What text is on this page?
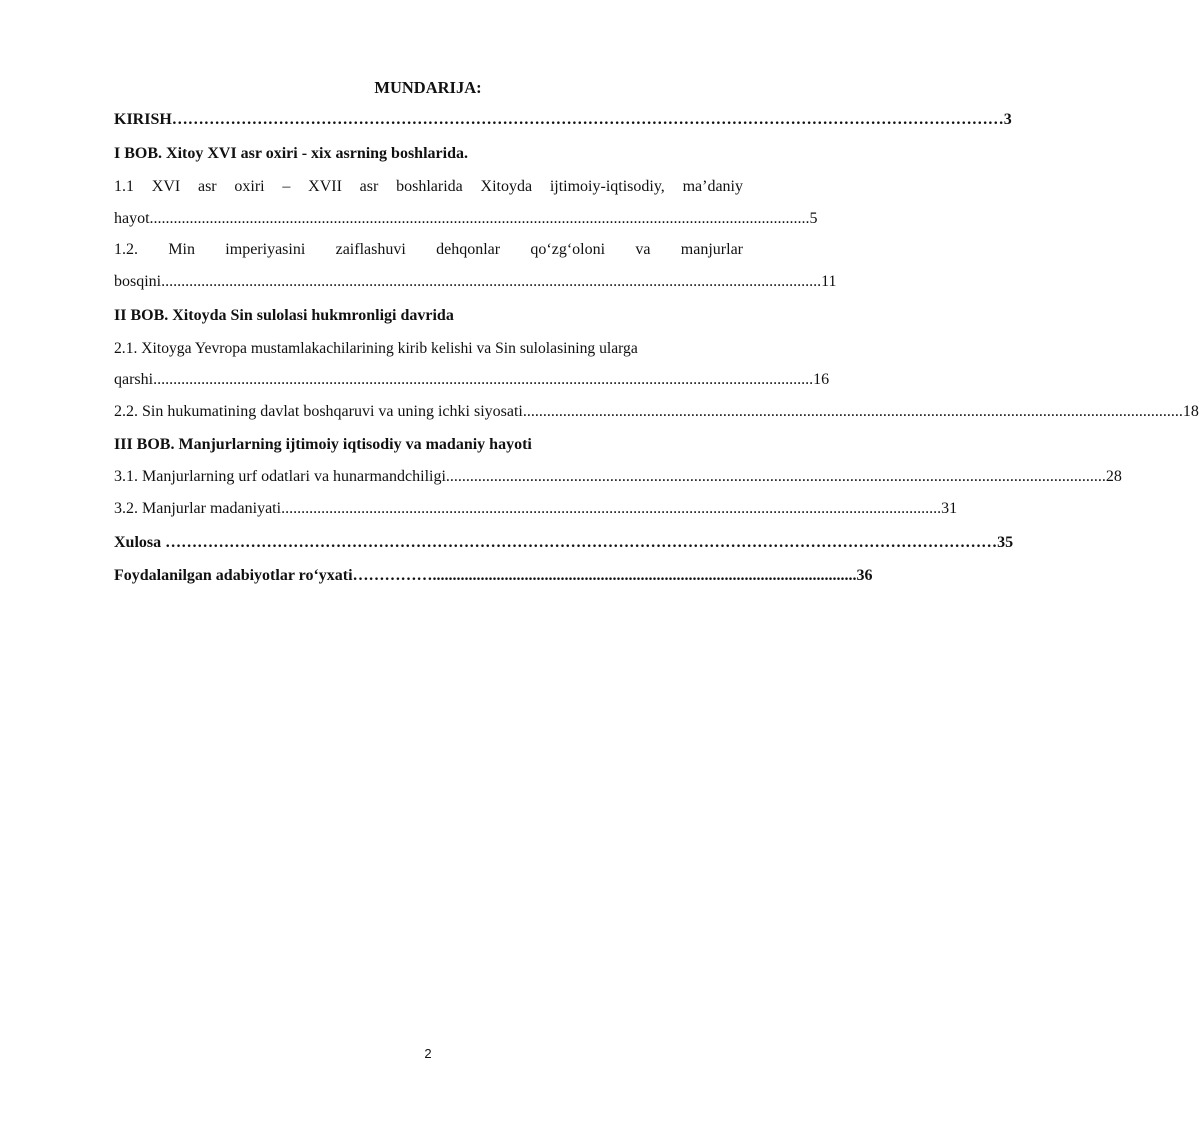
MUNDARIJA:
KIRISH ………………………………………………………………………………………………………………………………………… 3
I BOB. Xitoy XVI asr oxiri - xix asrning boshlarida.
1.1 XVI asr oxiri – XVII asr boshlarida Xitoyda ijtimoiy-iqtisodiy, ma’daniy
hayot ..................................................................................................................................................................... 5
1.2. Min imperiyasini zaiflashuvi dehqonlar qo‘zg‘oloni va manjurlar
bosqini ..................................................................................................................................................................... 11
II BOB. Xitoyda Sin sulolasi hukmronligi davrida
2.1. Xitoyga Yevropa mustamlakachilarining kirib kelishi va Sin sulolasining ularga
qarshi ..................................................................................................................................................................... 16
2.2. Sin hukumatining davlat boshqaruvi va uning ichki siyosati ..................................................................................................................................................................... 18
III BOB. Manjurlarning ijtimoiy iqtisodiy va madaniy hayoti
3.1. Manjurlarning urf odatlari va hunarmandchiligi ..................................................................................................................................................................... 28
3.2. Manjurlar madaniyati ..................................................................................................................................................................... 31
Xulosa ………………………………………………………………………………………………………………………………………… 35
Foydalanilgan adabiyotlar ro‘yxati …………….......................................................................................................... 36
2
